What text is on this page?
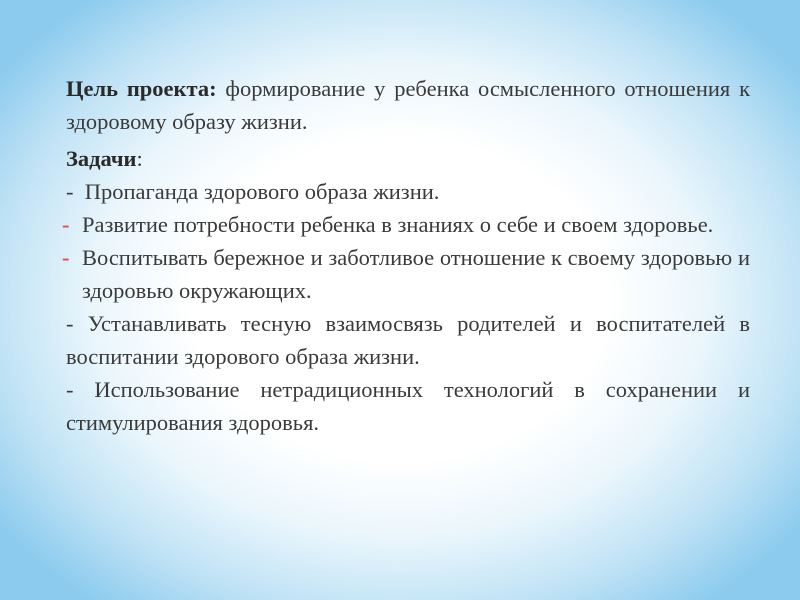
Цель проекта: формирование у ребенка осмысленного отношения к здоровому образу жизни.

Задачи:

- Пропаганда здорового образа жизни.

- Развитие потребности ребенка в знаниях о себе и своем здоровье.

- Воспитывать бережное и заботливое отношение к своему здоровью и здоровью окружающих.

- Устанавливать тесную взаимосвязь родителей и воспитателей в воспитании здорового образа жизни.

- Использование нетрадиционных технологий в сохранении и стимулирования здоровья.
